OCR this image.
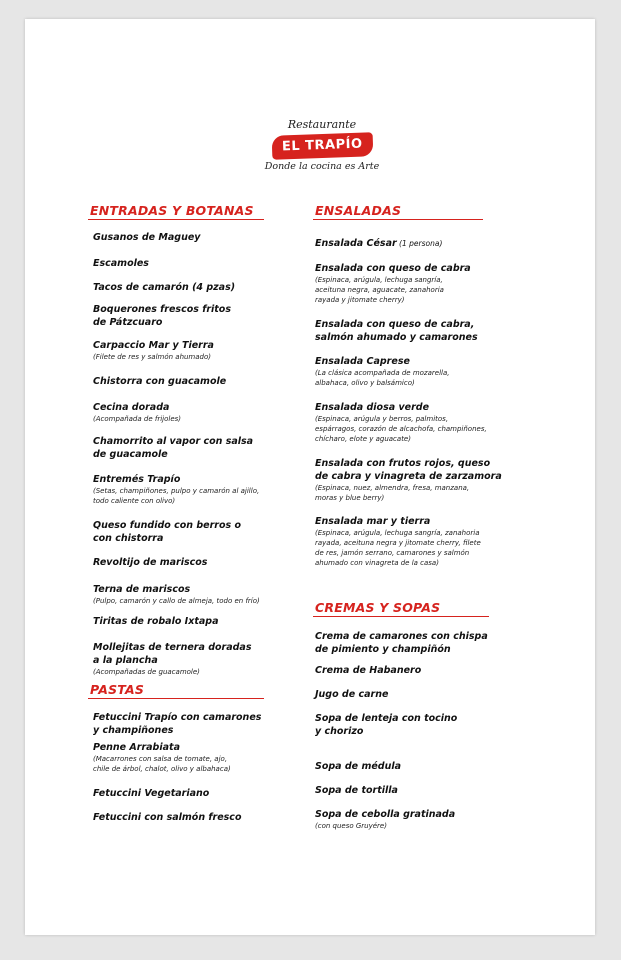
Restaurante
EL TRAPÍO
Donde la cocina es Arte
ENTRADAS Y BOTANAS
Gusanos de Maguey
Escamoles
Tacos de camarón (4 pzas)
Boquerones frescos fritos
de Pátzcuaro
Carpaccio Mar y Tierra
(Filete de res y salmón ahumado)
Chistorra con guacamole
Cecina dorada
(Acompañada de frijoles)
Chamorrito al vapor con salsa
de guacamole
Entremés Trapío
(Setas, champiñones, pulpo y camarón al ajillo,
todo caliente con olivo)
Queso fundido con berros o
con chistorra
Revoltijo de mariscos
Terna de mariscos
(Pulpo, camarón y callo de almeja, todo en frío)
Tiritas de robalo Ixtapa
Mollejitas de ternera doradas
a la plancha
(Acompañadas de guacamole)
PASTAS
Fetuccini Trapío con camarones
y champiñones
Penne Arrabiata
(Macarrones con salsa de tomate, ajo,
chile de árbol, chalot, olivo y albahaca)
Fetuccini Vegetariano
Fetuccini con salmón fresco
ENSALADAS
Ensalada César (1 persona)
Ensalada con queso de cabra
(Espinaca, arúgula, lechuga sangría,
aceituna negra, aguacate, zanahoria
rayada y jitomate cherry)
Ensalada con queso de cabra,
salmón ahumado y camarones
Ensalada Caprese
(La clásica acompañada de mozarella,
albahaca, olivo y balsámico)
Ensalada diosa verde
(Espinaca, arúgula y berros, palmitos,
espárragos, corazón de alcachofa, champiñones,
chícharo, elote y aguacate)
Ensalada con frutos rojos, queso
de cabra y vinagreta de zarzamora
(Espinaca, nuez, almendra, fresa, manzana,
moras y blue berry)
Ensalada mar y tierra
(Espinaca, arúgula, lechuga sangría, zanahoria
rayada, aceituna negra y jitomate cherry, filete
de res, jamón serrano, camarones y salmón
ahumado con vinagreta de la casa)
CREMAS Y SOPAS
Crema de camarones con chispa
de pimiento y champiñón
Crema de Habanero
Jugo de carne
Sopa de lenteja con tocino
y chorizo
Sopa de médula
Sopa de tortilla
Sopa de cebolla gratinada
(con queso Gruyére)
